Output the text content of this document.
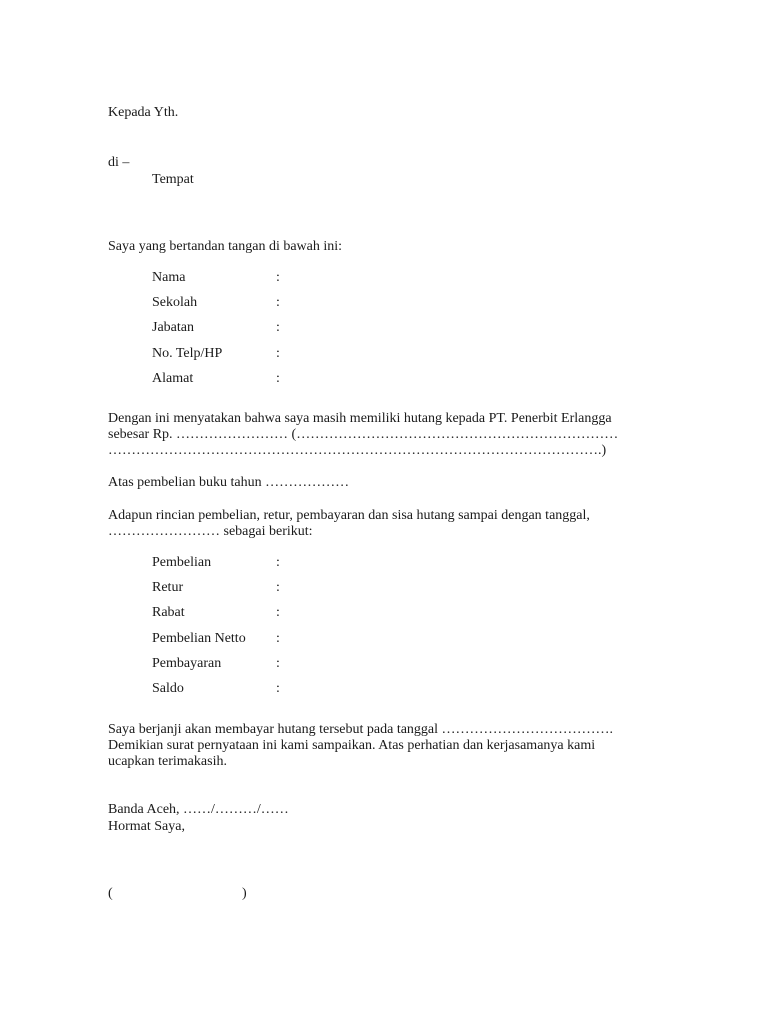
Kepada Yth.
di –
Tempat
Saya yang bertandan tangan di bawah ini:
Nama	:
Sekolah	:
Jabatan	:
No. Telp/HP	:
Alamat	:
Dengan ini menyatakan bahwa saya masih memiliki hutang kepada PT. Penerbit Erlangga
sebesar Rp. …………………… (……………………………………………………………
…………………………………………………………………………………………….)
Atas pembelian buku tahun ………………
Adapun rincian pembelian, retur, pembayaran dan sisa hutang sampai dengan tanggal,
…………………… sebagai berikut:
Pembelian	:
Retur	:
Rabat	:
Pembelian Netto :
Pembayaran	:
Saldo	:
Saya berjanji akan membayar hutang tersebut pada tanggal ……………………………….
Demikian surat pernyataan ini kami sampaikan. Atas perhatian dan kerjasamanya kami
ucapkan terimakasih.
Banda Aceh, ……/………/……
Hormat Saya,
(	)
